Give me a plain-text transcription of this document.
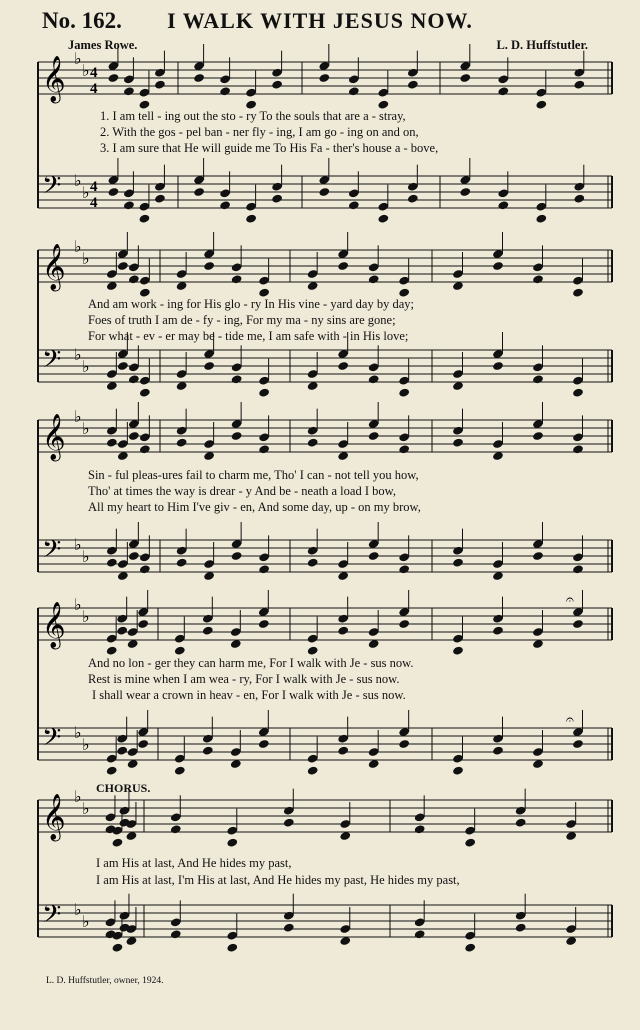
No. 162.	I WALK WITH JESUS NOW.
James Rowe.	L. D. Huffstutler.
𝄞 ♭
♭ 4
4
𝄢 ♭
♭ 4
4
𝄞 ♭
♭
𝄢 ♭
♭
𝄞 ♭
♭
𝄢 ♭
♭
𝄞 ♭
♭
𝄢 ♭
♭
𝄞 ♭
♭
𝄢 ♭
♭
𝄐
𝄐
1. I am tell - ing out the sto - ry To the souls that are a - stray,
2. With the gos - pel ban - ner fly - ing, I am go - ing on and on,
3. I am sure that He will guide me To His Fa - ther's house a - bove,
And am work - ing for His glo - ry In His vine - yard day by day;
Foes of truth I am de - fy - ing, For my ma - ny sins are gone;
For what - ev - er may be - tide me, I am safe with - in His love;
Sin - ful pleas-ures fail to charm me, Tho' I can - not tell you how,
Tho' at times the way is drear - y And be - neath a load I bow,
All my heart to Him I've giv - en, And some day, up - on my brow,
And no lon - ger they can harm me, For I walk with Je - sus now.
Rest is mine when I am wea - ry, For I walk with Je - sus now.
I shall wear a crown in heav - en, For I walk with Je - sus now.
CHORUS.
I am His at last, And He hides my past,
I am His at last, I'm His at last, And He hides my past, He hides my past,
L. D. Huffstutler, owner, 1924.
